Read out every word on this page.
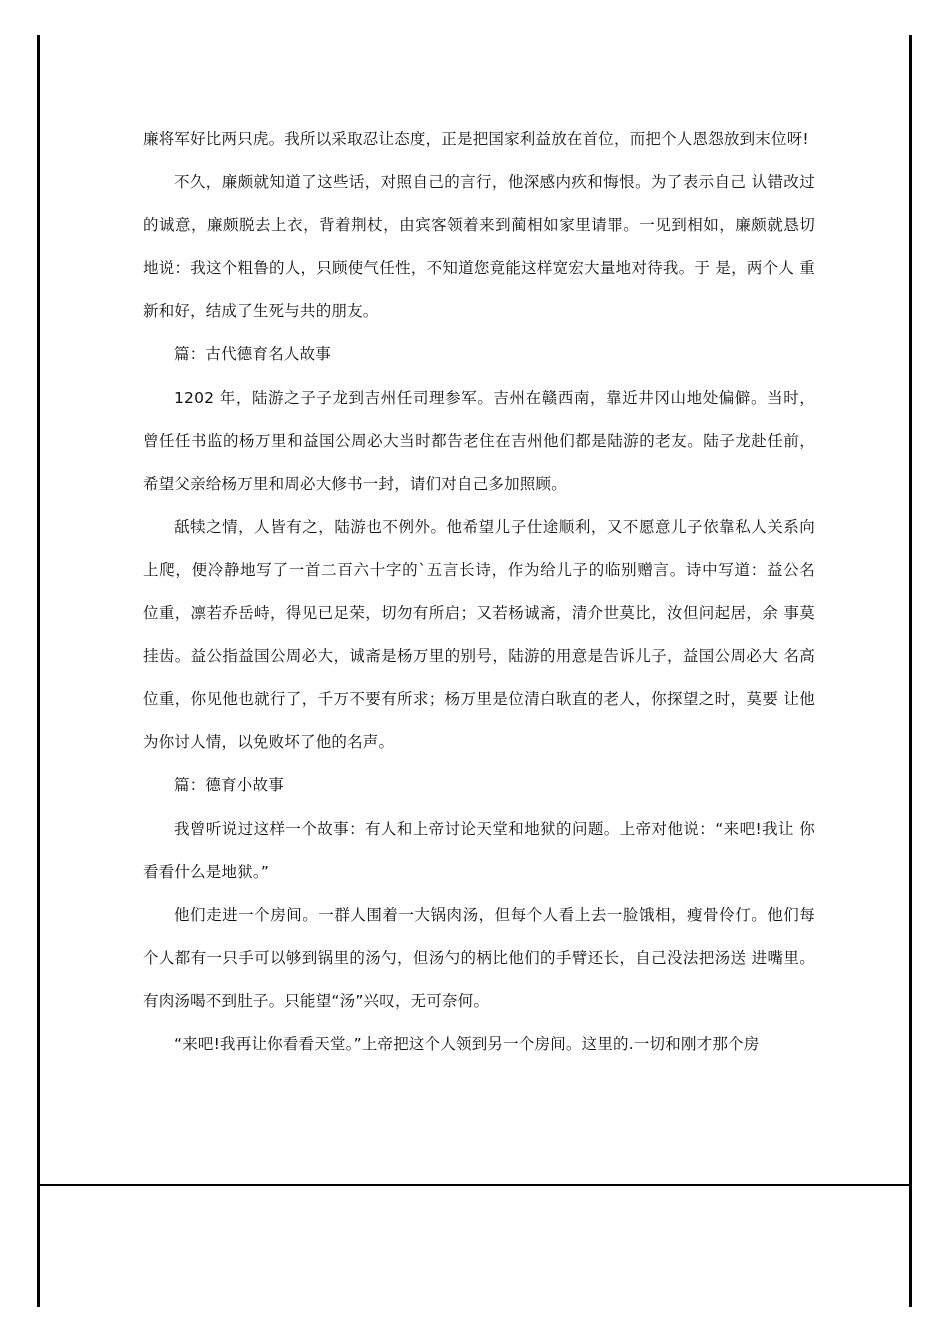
廉将军好比两只虎。我所以采取忍让态度，正是把国家利益放在首位，而把个人恩怨放到末位呀!

不久，廉颇就知道了这些话，对照自己的言行，他深感内疚和悔恨。为了表示自己 认错改过 的诚意，廉颇脱去上衣，背着荆杖，由宾客领着来到蔺相如家里请罪。一见到相如，廉颇就恳切 地说：我这个粗鲁的人，只顾使气任性，不知道您竟能这样宽宏大量地对待我。于 是，两个人 重新和好，结成了生死与共的朋友。

篇：古代德育名人故事

1202 年，陆游之子子龙到吉州任司理参军。吉州在赣西南，靠近井冈山地处偏僻。当时， 曾任任书监的杨万里和益国公周必大当时都告老住在吉州他们都是陆游的老友。陆子龙赴任前， 希望父亲给杨万里和周必大修书一封，请们对自己多加照顾。

舐犊之情，人皆有之，陆游也不例外。他希望儿子仕途顺利，又不愿意儿子依靠私人关系向 上爬，便冷静地写了一首二百六十字的`五言长诗，作为给儿子的临别赠言。诗中写道：益公名 位重，凛若乔岳峙，得见已足荣，切勿有所启；又若杨诚斋，清介世莫比，汝但问起居，余 事莫挂齿。益公指益国公周必大，诚斋是杨万里的别号，陆游的用意是告诉儿子，益国公周必大 名高位重，你见他也就行了，千万不要有所求；杨万里是位清白耿直的老人，你探望之时，莫要 让他为你讨人情，以免败坏了他的名声。

篇：德育小故事

我曾听说过这样一个故事：有人和上帝讨论天堂和地狱的问题。上帝对他说：“来吧!我让 你看看什么是地狱。”

他们走进一个房间。一群人围着一大锅肉汤，但每个人看上去一脸饿相，瘦骨伶仃。他们每个人都有一只手可以够到锅里的汤勺，但汤勺的柄比他们的手臂还长，自己没法把汤送 进嘴里。 有肉汤喝不到肚子。只能望“汤”兴叹，无可奈何。

“来吧!我再让你看看天堂。”上帝把这个人领到另一个房间。这里的.一切和刚才那个房
